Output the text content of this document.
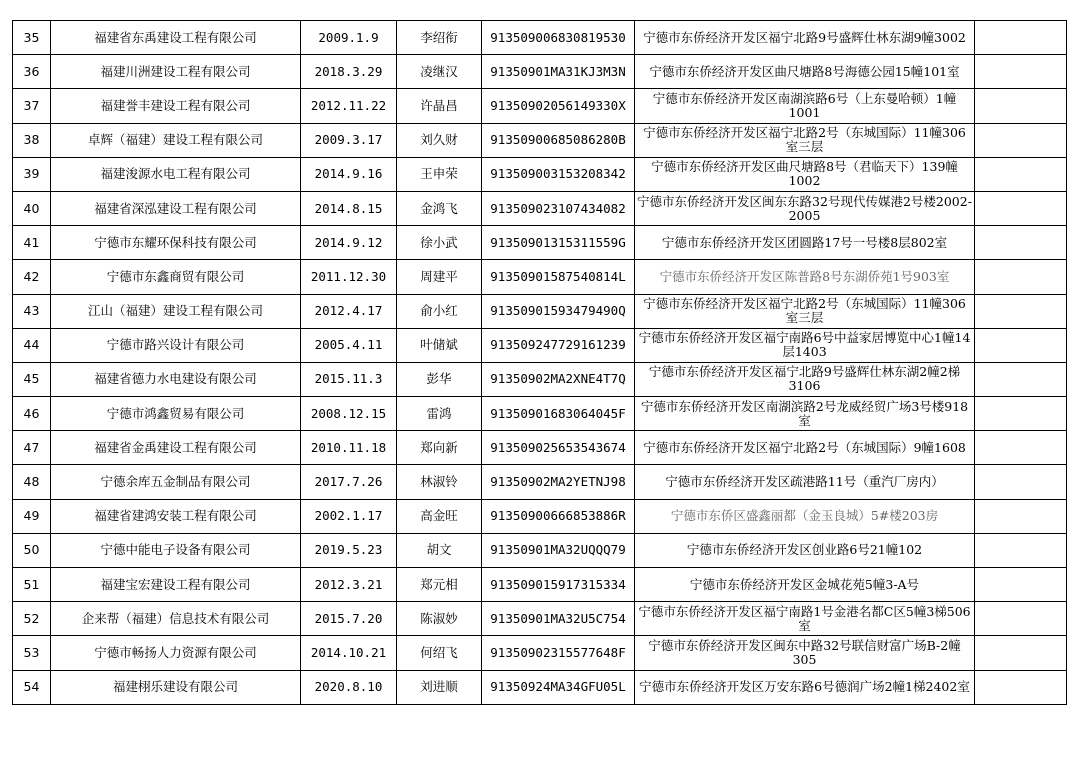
35	福建省东禹建设工程有限公司	2009.1.9	李绍衔	913509006830819530	宁德市东侨经济开发区福宁北路9号盛辉仕林东湖9幢3002	
36	福建川洲建设工程有限公司	2018.3.29	凌继汉	91350901MA31KJ3M3N	宁德市东侨经济开发区曲尺塘路8号海德公园15幢101室	
37	福建誉丰建设工程有限公司	2012.11.22	许晶昌	91350902056149330X	宁德市东侨经济开发区南湖滨路6号（上东曼哈顿）1幢1001	
38	卓辉（福建）建设工程有限公司	2009.3.17	刘久财	91350900685086280B	宁德市东侨经济开发区福宁北路2号（东城国际）11幢306室三层	
39	福建浚源水电工程有限公司	2014.9.16	王申荣	913509003153208342	宁德市东侨经济开发区曲尺塘路8号（君临天下）139幢1002	
40	福建省深泓建设工程有限公司	2014.8.15	金鸿飞	913509023107434082	宁德市东侨经济开发区闽东东路32号现代传媒港2号楼2002-2005	
41	宁德市东耀环保科技有限公司	2014.9.12	徐小武	91350901315311559G	宁德市东侨经济开发区团圆路17号一号楼8层802室	
42	宁德市东鑫商贸有限公司	2011.12.30	周建平	91350901587540814L	宁德市东侨经济开发区陈普路8号东湖侨苑1号903室	
43	江山（福建）建设工程有限公司	2012.4.17	俞小红	91350901593479490Q	宁德市东侨经济开发区福宁北路2号（东城国际）11幢306室三层	
44	宁德市路兴设计有限公司	2005.4.11	叶储斌	913509247729161239	宁德市东侨经济开发区福宁南路6号中益家居博览中心1幢14层1403	
45	福建省德力水电建设有限公司	2015.11.3	彭华	91350902MA2XNE4T7Q	宁德市东侨经济开发区福宁北路9号盛辉仕林东湖2幢2梯3106	
46	宁德市鸿鑫贸易有限公司	2008.12.15	雷鸿	91350901683064045F	宁德市东侨经济开发区南湖滨路2号龙威经贸广场3号楼918室	
47	福建省金禹建设工程有限公司	2010.11.18	郑向新	913509025653543674	宁德市东侨经济开发区福宁北路2号（东城国际）9幢1608	
48	宁德余库五金制品有限公司	2017.7.26	林淑铃	91350902MA2YETNJ98	宁德市东侨经济开发区疏港路11号（重汽厂房内）	
49	福建省建鸿安装工程有限公司	2002.1.17	高金旺	91350900666853886R	宁德市东侨区盛鑫丽都（金玉良城）5#楼203房	
50	宁德中能电子设备有限公司	2019.5.23	胡文	91350901MA32UQQQ79	宁德市东侨经济开发区创业路6号21幢102	
51	福建宝宏建设工程有限公司	2012.3.21	郑元相	913509015917315334	宁德市东侨经济开发区金城花苑5幢3-A号	
52	企来帮（福建）信息技术有限公司	2015.7.20	陈淑妙	91350901MA32U5C754	宁德市东侨经济开发区福宁南路1号金港名都C区5幢3梯506室	
53	宁德市畅扬人力资源有限公司	2014.10.21	何绍飞	91350902315577648F	宁德市东侨经济开发区闽东中路32号联信财富广场B-2幢305	
54	福建栩乐建设有限公司	2020.8.10	刘进顺	91350924MA34GFU05L	宁德市东侨经济开发区万安东路6号德润广场2幢1梯2402室	
